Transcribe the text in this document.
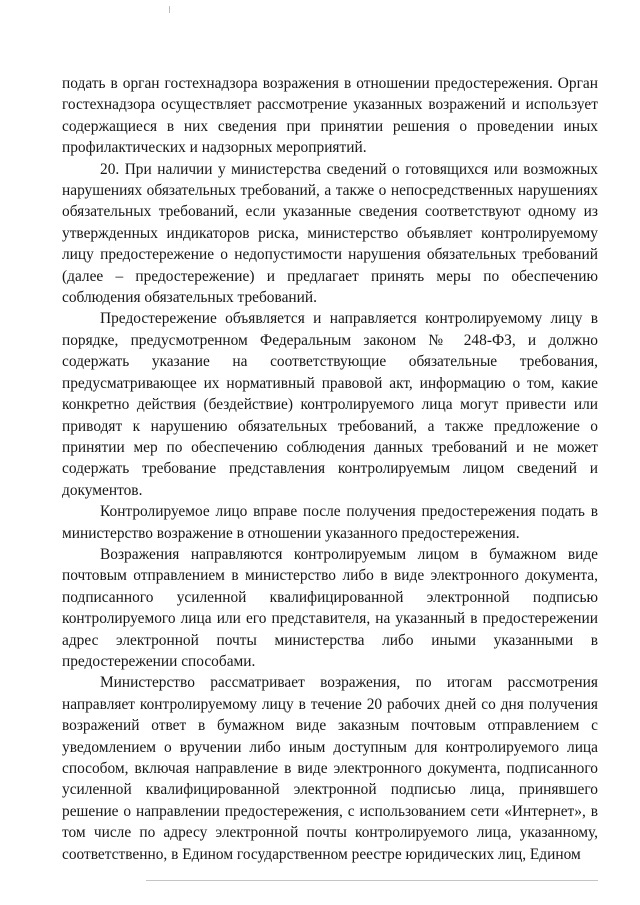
подать в орган гостехнадзора возражения в отношении предостережения. Орган гостехнадзора осуществляет рассмотрение указанных возражений и использует содержащиеся в них сведения при принятии решения о проведении иных профилактических и надзорных мероприятий.

20. При наличии у министерства сведений о готовящихся или возможных нарушениях обязательных требований, а также о непосредственных нарушениях обязательных требований, если указанные сведения соответствуют одному из утвержденных индикаторов риска, министерство объявляет контролируемому лицу предостережение о недопустимости нарушения обязательных требований (далее – предостережение) и предлагает принять меры по обеспечению соблюдения обязательных требований.

Предостережение объявляется и направляется контролируемому лицу в порядке, предусмотренном Федеральным законом № 248-ФЗ, и должно содержать указание на соответствующие обязательные требования, предусматривающее их нормативный правовой акт, информацию о том, какие конкретно действия (бездействие) контролируемого лица могут привести или приводят к нарушению обязательных требований, а также предложение о принятии мер по обеспечению соблюдения данных требований и не может содержать требование представления контролируемым лицом сведений и документов.

Контролируемое лицо вправе после получения предостережения подать в министерство возражение в отношении указанного предостережения.

Возражения направляются контролируемым лицом в бумажном виде почтовым отправлением в министерство либо в виде электронного документа, подписанного усиленной квалифицированной электронной подписью контролируемого лица или его представителя, на указанный в предостережении адрес электронной почты министерства либо иными указанными в предостережении способами.

Министерство рассматривает возражения, по итогам рассмотрения направляет контролируемому лицу в течение 20 рабочих дней со дня получения возражений ответ в бумажном виде заказным почтовым отправлением с уведомлением о вручении либо иным доступным для контролируемого лица способом, включая направление в виде электронного документа, подписанного усиленной квалифицированной электронной подписью лица, принявшего решение о направлении предостережения, с использованием сети «Интернет», в том числе по адресу электронной почты контролируемого лица, указанному, соответственно, в Едином государственном реестре юридических лиц, Едином
